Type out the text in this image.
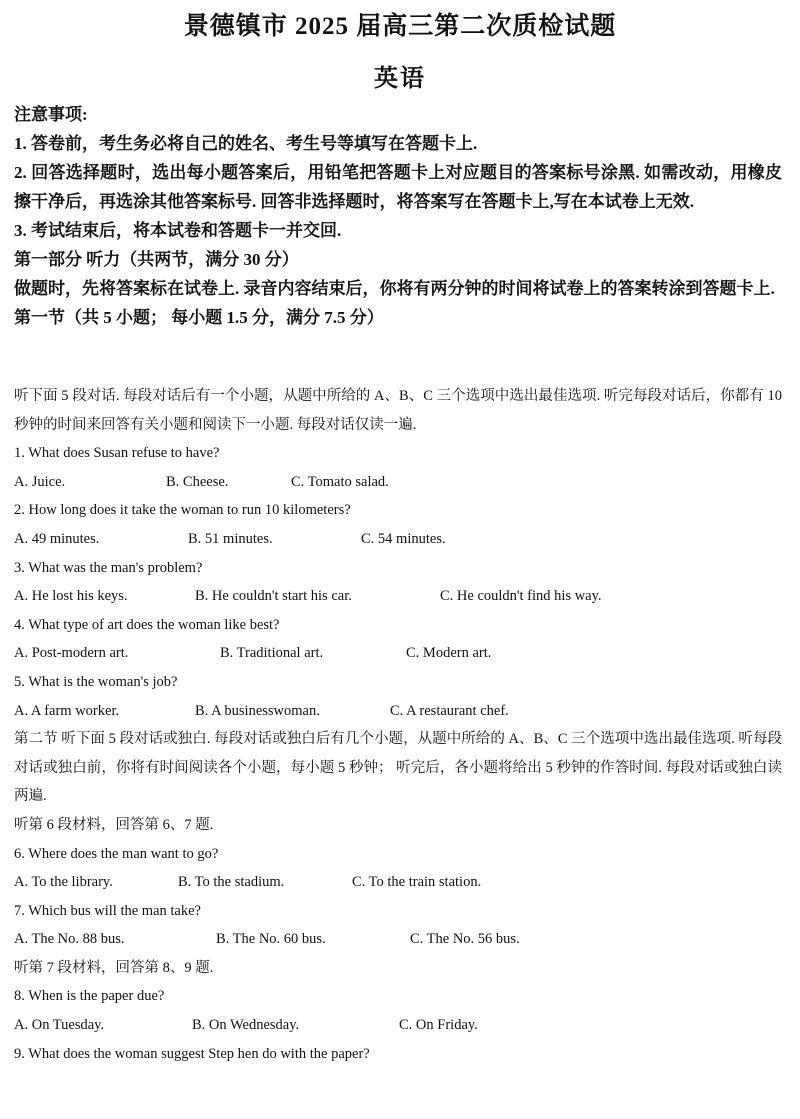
景德镇市 2025 届高三第二次质检试题
英语

注意事项:

1. 答卷前，考生务必将自己的姓名、考生号等填写在答题卡上.

2. 回答选择题时，选出每小题答案后，用铅笔把答题卡上对应题目的答案标号涂黑. 如需改动，用橡皮擦干净后，再选涂其他答案标号. 回答非选择题时，将答案写在答题卡上,写在本试卷上无效.

3. 考试结束后，将本试卷和答题卡一并交回.

第一部分 听力（共两节，满分 30 分）

做题时，先将答案标在试卷上. 录音内容结束后，你将有两分钟的时间将试卷上的答案转涂到答题卡上.

第一节（共 5 小题； 每小题 1.5 分，满分 7.5 分）

听下面 5 段对话. 每段对话后有一个小题，从题中所给的 A、B、C 三个选项中选出最佳选项. 听完每段对话后，你都有 10 秒钟的时间来回答有关小题和阅读下一小题. 每段对话仅读一遍.

1. What does Susan refuse to have?

A. Juice.	B. Cheese.	C. Tomato salad.

2. How long does it take the woman to run 10 kilometers?

A. 49 minutes.	B. 51 minutes.	C. 54 minutes.

3. What was the man's problem?

A. He lost his keys.	B. He couldn't start his car.	C. He couldn't find his way.

4. What type of art does the woman like best?

A. Post-modern art.	B. Traditional art.	C. Modern art.

5. What is the woman's job?

A. A farm worker.	B. A businesswoman.	C. A restaurant chef.

第二节 听下面 5 段对话或独白. 每段对话或独白后有几个小题，从题中所给的 A、B、C 三个选项中选出最佳选项. 听每段对话或独白前，你将有时间阅读各个小题，每小题 5 秒钟； 听完后，各小题将给出 5 秒钟的作答时间. 每段对话或独白读两遍.

听第 6 段材料，回答第 6、7 题.

6. Where does the man want to go?

A. To the library.	B. To the stadium.	C. To the train station.

7. Which bus will the man take?

A. The No. 88 bus.	B. The No. 60 bus.	C. The No. 56 bus.

听第 7 段材料，回答第 8、9 题.

8. When is the paper due?

A. On Tuesday.	B. On Wednesday.	C. On Friday.

9. What does the woman suggest Step hen do with the paper?
